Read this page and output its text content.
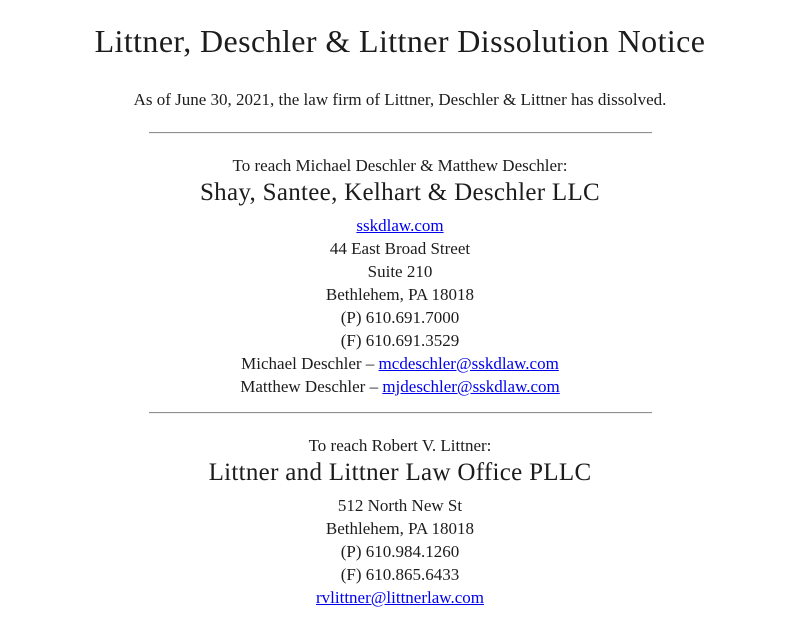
Littner, Deschler & Littner Dissolution Notice

As of June 30, 2021, the law firm of Littner, Deschler & Littner has dissolved.

To reach Michael Deschler & Matthew Deschler:

Shay, Santee, Kelhart & Deschler LLC
sskdlaw.com
44 East Broad Street
Suite 210
Bethlehem, PA 18018
(P) 610.691.7000
(F) 610.691.3529
Michael Deschler – mcdeschler@sskdlaw.com
Matthew Deschler – mjdeschler@sskdlaw.com

To reach Robert V. Littner:

Littner and Littner Law Office PLLC
512 North New St
Bethlehem, PA 18018
(P) 610.984.1260
(F) 610.865.6433
rvlittner@littnerlaw.com
